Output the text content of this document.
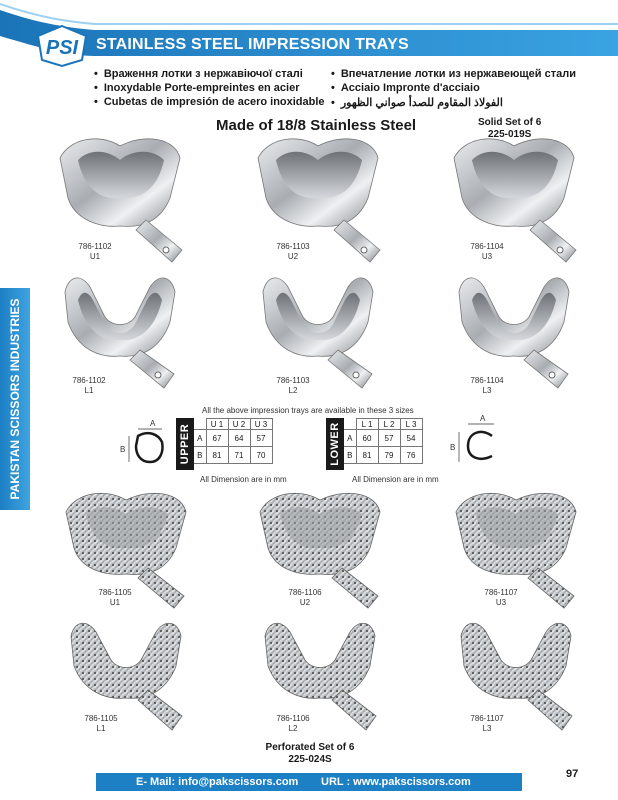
PSI STAINLESS STEEL IMPRESSION TRAYS
• Враження лотки з нержавіючої сталі	• Впечатление лотки из нержавеющей стали
• Inoxydable Porte-empreintes en acier	• Acciaio Impronte d'acciaio
• Cubetas de impresión de acero inoxidable	• الفولاذ المقاوم للصدأ صواني الظهور
Made of 18/8 Stainless Steel	Solid Set of 6
225-019S
PAKISTAN SCISSORS INDUSTRIES
786-1102
U1
786-1103
U2
786-1104
U3
786-1102
L1
786-1103
L2
786-1104
L3
All the above impression trays are available in these 3 sizes
A
B	UPPER
	U 1	U 2	U 3
A	67	64	57
B	81	71	70	LOWER
		L 1	L 2	L 3
A	60	57	54
B	81	79	76
A
B
All Dimension are in mm	All Dimension are in mm
786-1105
U1
786-1106
U2
786-1107
U3
786-1105
L1
786-1106
L2
786-1107
L3
Perforated Set of 6
225-024S
E- Mail: info@pakscissors.com URL : www.pakscissors.com
97
